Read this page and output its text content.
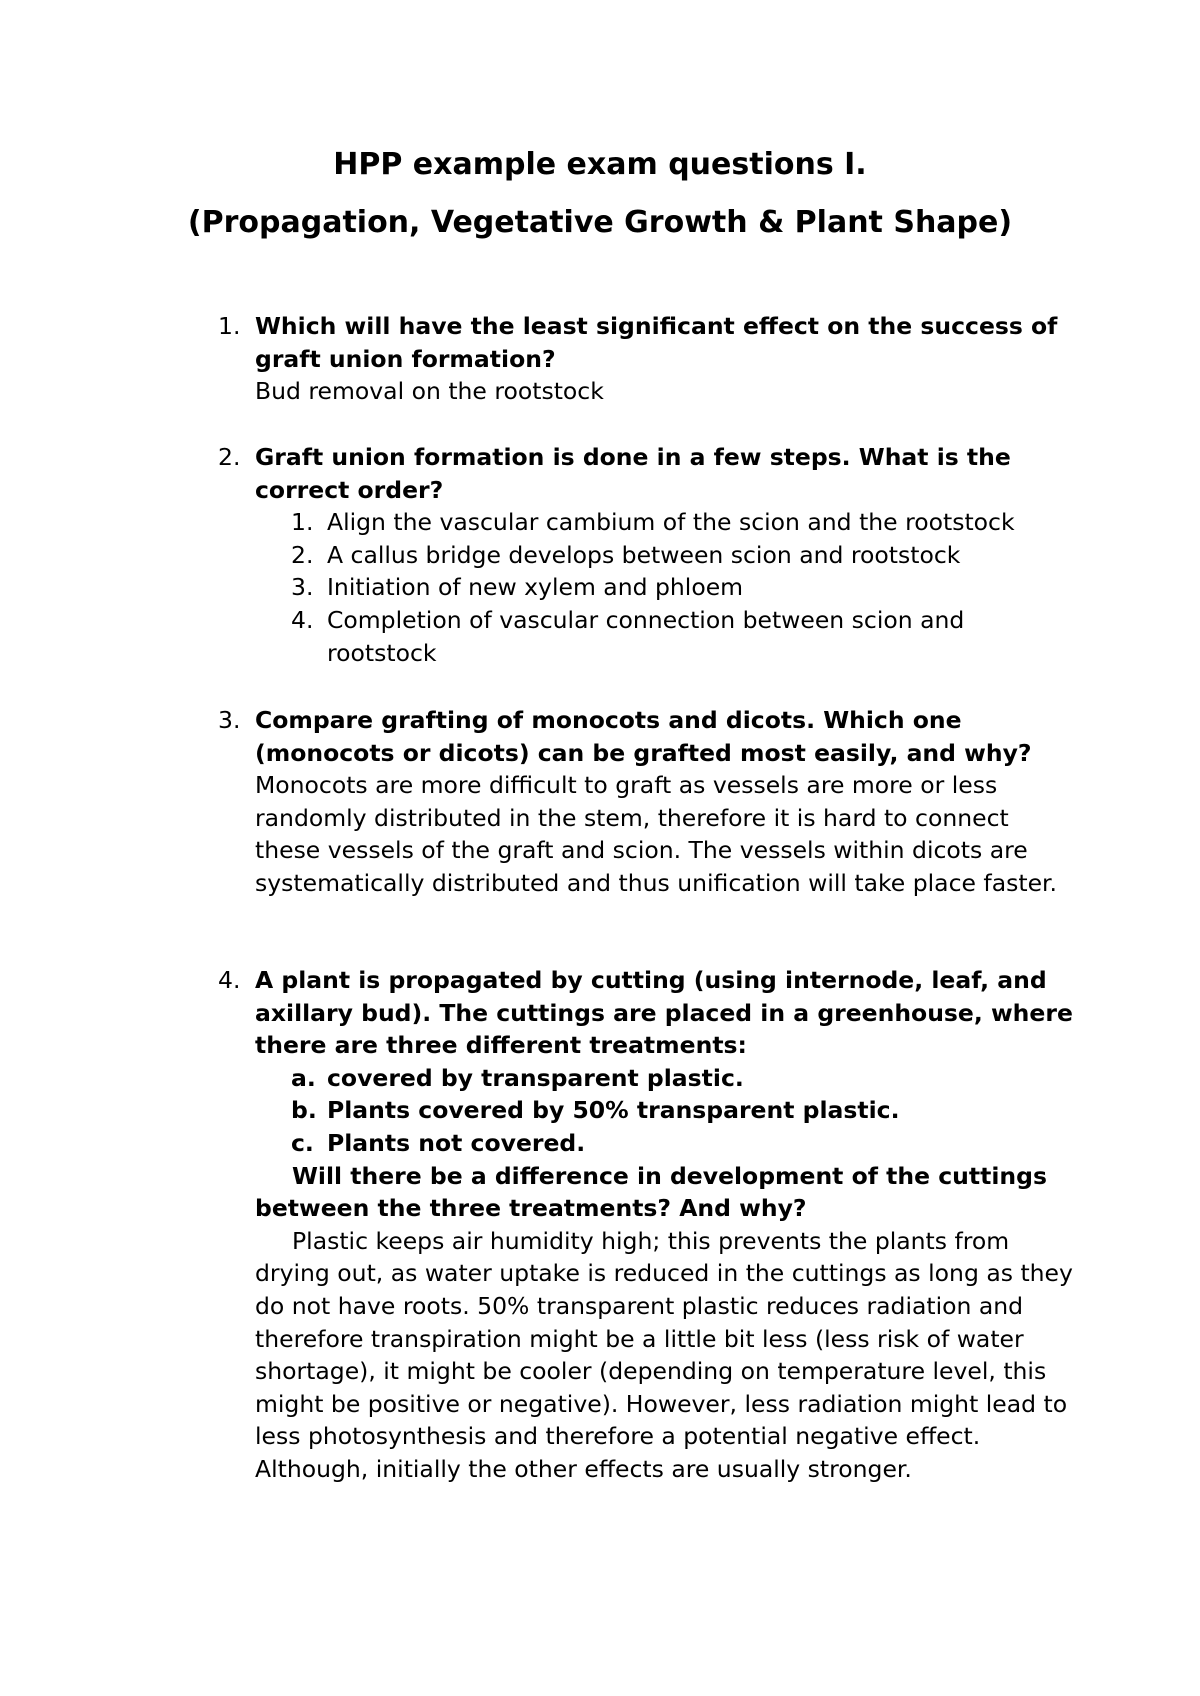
HPP example exam questions I.
(Propagation, Vegetative Growth & Plant Shape)
1. Which will have the least significant effect on the success of graft union formation?

Bud removal on the rootstock

2. Graft union formation is done in a few steps. What is the correct order?

1. Align the vascular cambium of the scion and the rootstock
2. A callus bridge develops between scion and rootstock
3. Initiation of new xylem and phloem
4. Completion of vascular connection between scion and rootstock
3. Compare grafting of monocots and dicots. Which one (monocots or dicots) can be grafted most easily, and why?

Monocots are more difficult to graft as vessels are more or less randomly distributed in the stem, therefore it is hard to connect these vessels of the graft and scion. The vessels within dicots are systematically distributed and thus unification will take place faster.

4. A plant is propagated by cutting (using internode, leaf, and axillary bud). The cuttings are placed in a greenhouse, where there are three different treatments:

a. covered by transparent plastic.
b. Plants covered by 50% transparent plastic.
c. Plants not covered.

Will there be a difference in development of the cuttings between the three treatments? And why?

Plastic keeps air humidity high; this prevents the plants from drying out, as water uptake is reduced in the cuttings as long as they do not have roots. 50% transparent plastic reduces radiation and therefore transpiration might be a little bit less (less risk of water shortage), it might be cooler (depending on temperature level, this might be positive or negative). However, less radiation might lead to less photosynthesis and therefore a potential negative effect. Although, initially the other effects are usually stronger.
